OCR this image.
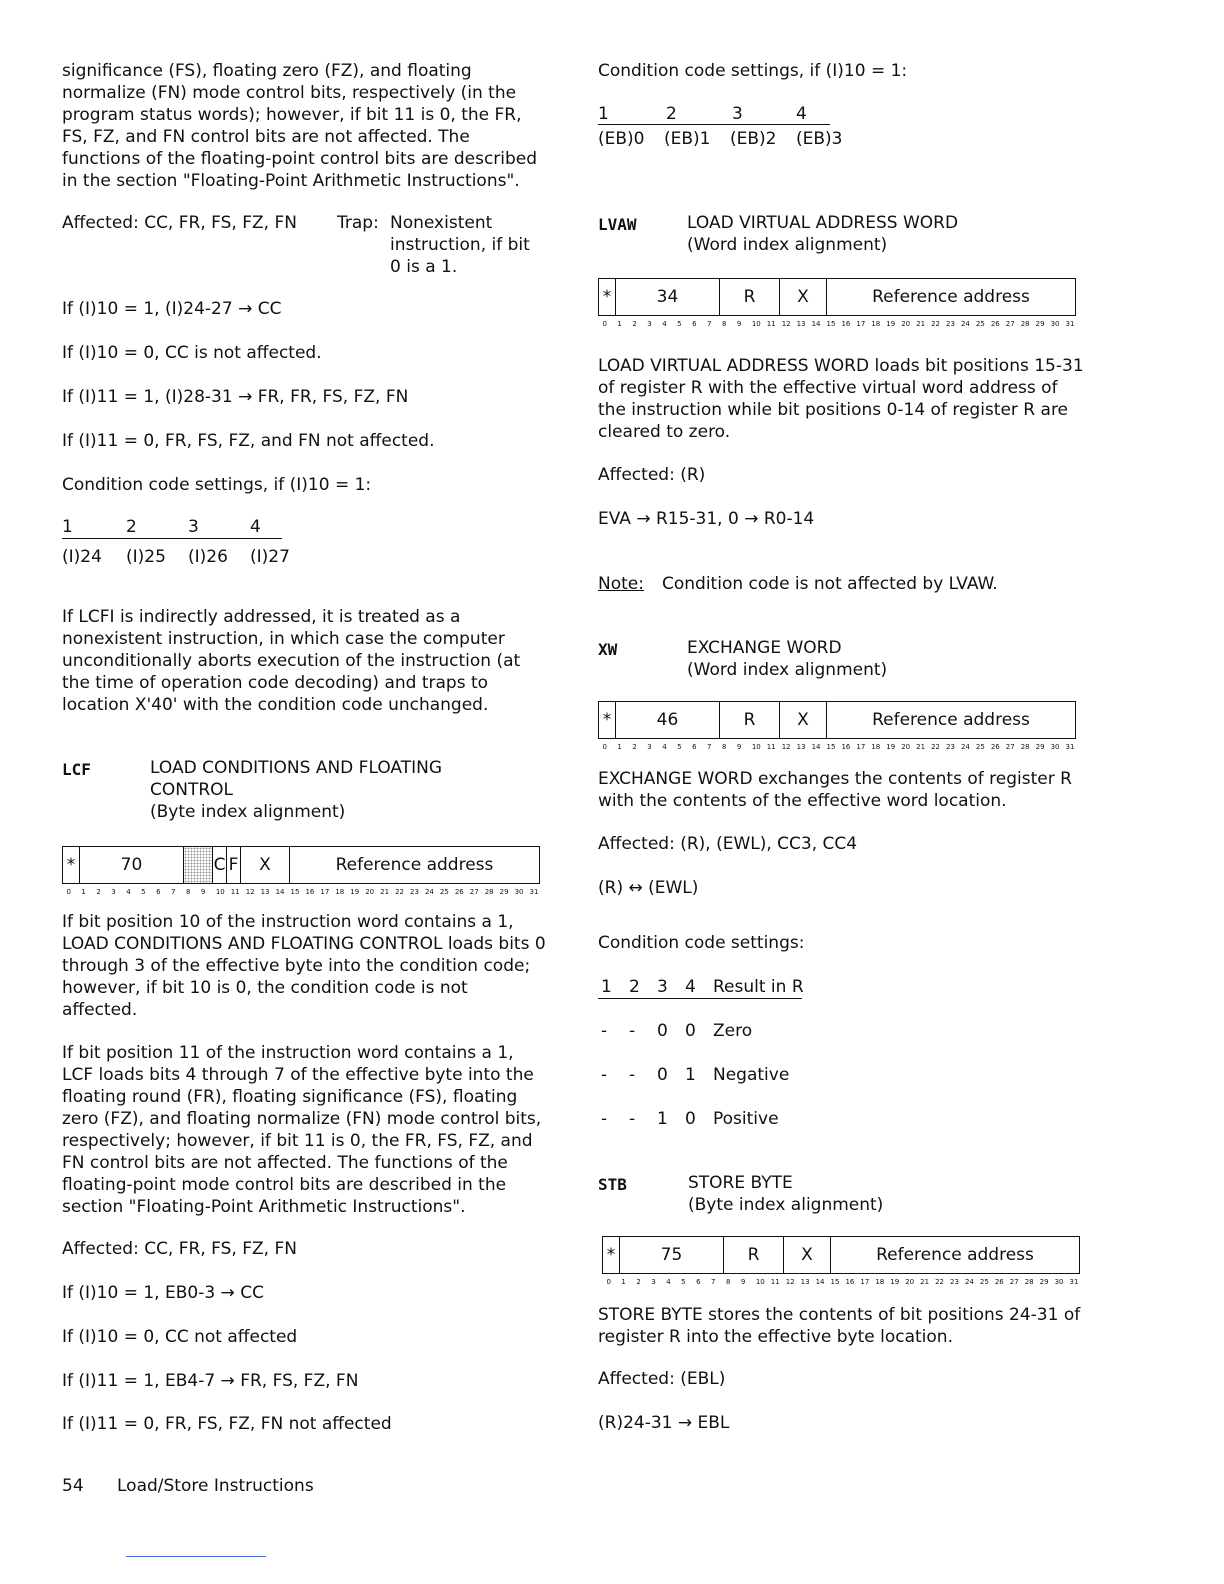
significance (FS), floating zero (FZ), and floating normalize (FN) mode control bits, respectively (in the program status words); however, if bit 11 is 0, the FR, FS, FZ, and FN control bits are not affected. The functions of the floating-point control bits are described in the section "Floating-Point Arithmetic Instructions".

Affected: CC, FR, FS, FZ, FN Trap: Nonexistent instruction, if bit 0 is a 1.

If (I)10 = 1, (I)24-27 → CC
If (I)10 = 0, CC is not affected.
If (I)11 = 1, (I)28-31 → FR, FR, FS, FZ, FN
If (I)11 = 0, FR, FS, FZ, and FN not affected.
Condition code settings, if (I)10 = 1:
1	2	3	4
(I)24 (I)25 (I)26 (I)27

If LCFI is indirectly addressed, it is treated as a nonexistent instruction, in which case the computer unconditionally aborts execution of the instruction (at the time of operation code decoding) and traps to location X'40' with the condition code unchanged.

LCF	LOAD CONDITIONS AND FLOATING
CONTROL
(Byte index alignment)
*	70	C F	X	Reference address
0 1 2 3 4 5 6 7 8 9 10 11 12 13 14 15 16 17 18 19 20 21 22 23 24 25 26 27 28 29 30 31

If bit position 10 of the instruction word contains a 1, LOAD CONDITIONS AND FLOATING CONTROL loads bits 0 through 3 of the effective byte into the condition code; however, if bit 10 is 0, the condition code is not affected.

If bit position 11 of the instruction word contains a 1, LCF loads bits 4 through 7 of the effective byte into the floating round (FR), floating significance (FS), floating zero (FZ), and floating normalize (FN) mode control bits, respectively; however, if bit 11 is 0, the FR, FS, FZ, and FN control bits are not affected. The functions of the floating-point mode control bits are described in the section "Floating-Point Arithmetic Instructions".

Affected: CC, FR, FS, FZ, FN
If (I)10 = 1, EB0-3 → CC
If (I)10 = 0, CC not affected
If (I)11 = 1, EB4-7 → FR, FS, FZ, FN
If (I)11 = 0, FR, FS, FZ, FN not affected
Condition code settings, if (I)10 = 1:
1	2	3	4
(EB)0 (EB)1 (EB)2 (EB)3
LVAW	LOAD VIRTUAL ADDRESS WORD
(Word index alignment)
*	34	R	X	Reference address
0 1 2 3 4 5 6 7 8 9 10 11 12 13 14 15 16 17 18 19 20 21 22 23 24 25 26 27 28 29 30 31

LOAD VIRTUAL ADDRESS WORD loads bit positions 15-31 of register R with the effective virtual word address of the instruction while bit positions 0-14 of register R are cleared to zero.

Affected: (R)
EVA → R15-31, 0 → R0-14
Note: Condition code is not affected by LVAW.
XW	EXCHANGE WORD
(Word index alignment)
*	46	R	X	Reference address
0 1 2 3 4 5 6 7 8 9 10 11 12 13 14 15 16 17 18 19 20 21 22 23 24 25 26 27 28 29 30 31

EXCHANGE WORD exchanges the contents of register R with the contents of the effective word location.

Affected: (R), (EWL), CC3, CC4
(R) ↔ (EWL)
Condition code settings:
1 2 3 4 Result in R
- - 0 0 Zero
- - 0 1 Negative
- - 1 0 Positive
STB	STORE BYTE
(Byte index alignment)
*	75	R	X	Reference address
0 1 2 3 4 5 6 7 8 9 10 11 12 13 14 15 16 17 18 19 20 21 22 23 24 25 26 27 28 29 30 31

STORE BYTE stores the contents of bit positions 24-31 of register R into the effective byte location.

Affected: (EBL)
(R)24-31 → EBL
54 Load/Store Instructions
